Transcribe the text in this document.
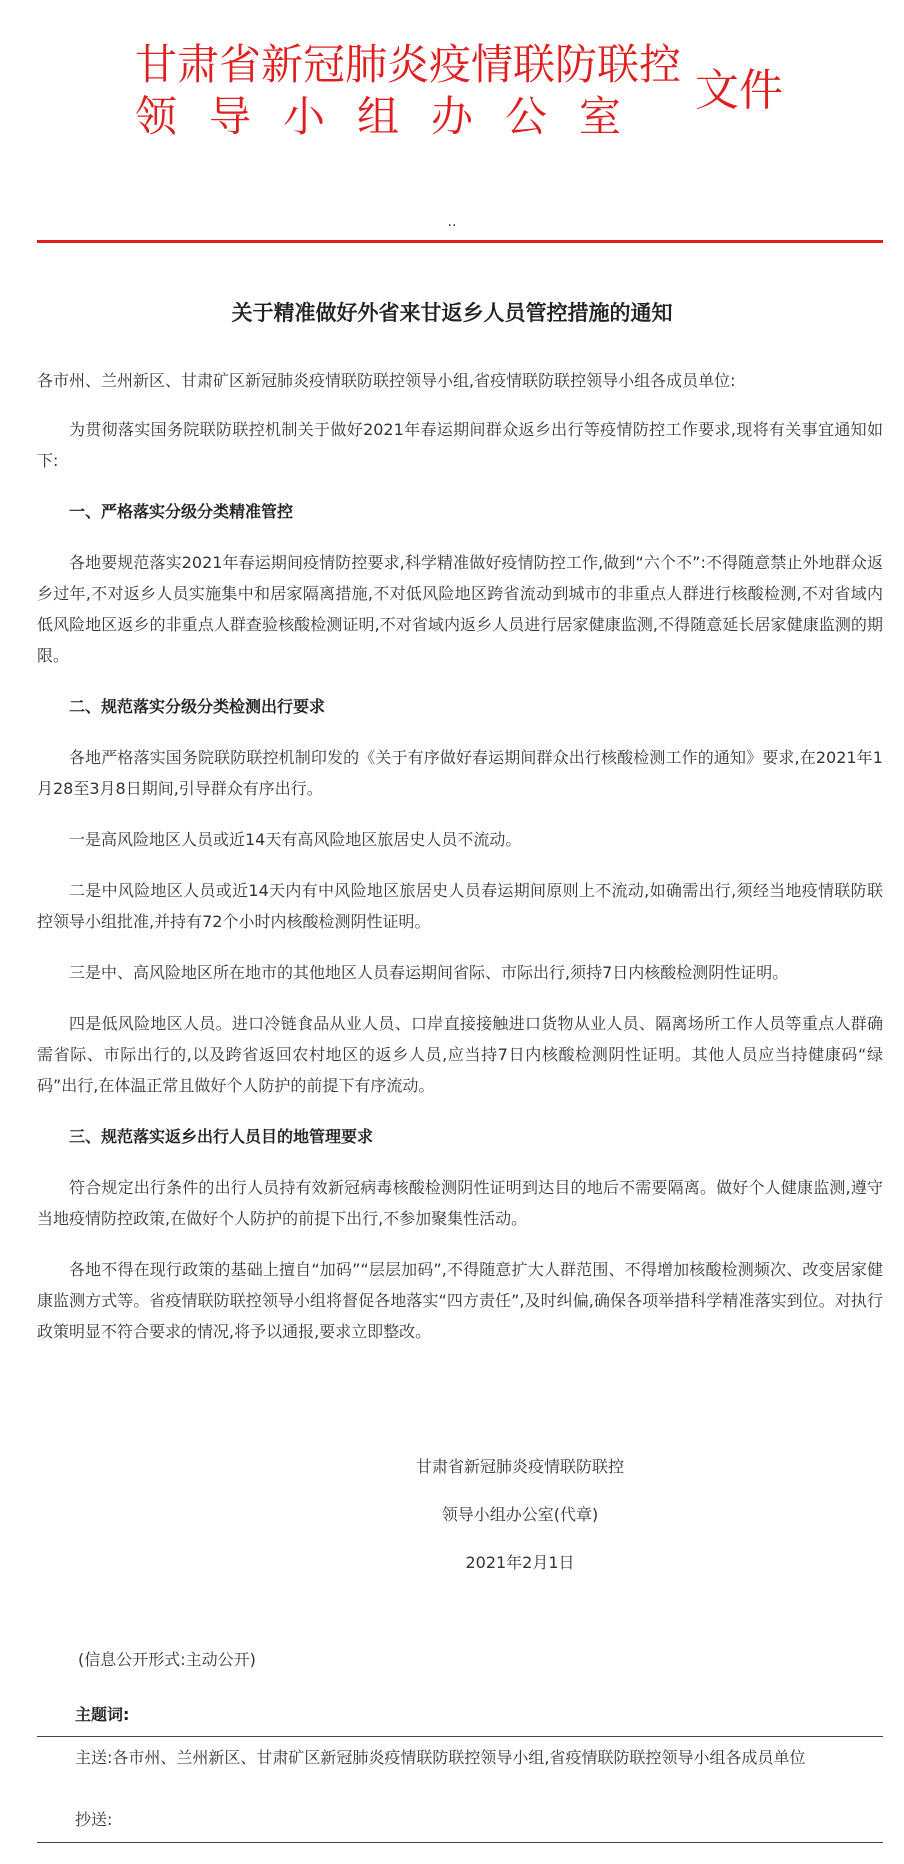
甘肃省新冠肺炎疫情联防联控

领导小组办公室

文件

..

关于精准做好外省来甘返乡人员管控措施的通知

各市州、兰州新区、甘肃矿区新冠肺炎疫情联防联控领导小组,省疫情联防联控领导小组各成员单位:

为贯彻落实国务院联防联控机制关于做好2021年春运期间群众返乡出行等疫情防控工作要求,现将有关事宜通知如下:

一、严格落实分级分类精准管控

各地要规范落实2021年春运期间疫情防控要求,科学精准做好疫情防控工作,做到“六个不”:不得随意禁止外地群众返乡过年,不对返乡人员实施集中和居家隔离措施,不对低风险地区跨省流动到城市的非重点人群进行核酸检测,不对省域内低风险地区返乡的非重点人群查验核酸检测证明,不对省域内返乡人员进行居家健康监测,不得随意延长居家健康监测的期限。

二、规范落实分级分类检测出行要求

各地严格落实国务院联防联控机制印发的《关于有序做好春运期间群众出行核酸检测工作的通知》要求,在2021年1月28至3月8日期间,引导群众有序出行。

一是高风险地区人员或近14天有高风险地区旅居史人员不流动。

二是中风险地区人员或近14天内有中风险地区旅居史人员春运期间原则上不流动,如确需出行,须经当地疫情联防联控领导小组批准,并持有72个小时内核酸检测阴性证明。

三是中、高风险地区所在地市的其他地区人员春运期间省际、市际出行,须持7日内核酸检测阴性证明。

四是低风险地区人员。进口冷链食品从业人员、口岸直接接触进口货物从业人员、隔离场所工作人员等重点人群确需省际、市际出行的,以及跨省返回农村地区的返乡人员,应当持7日内核酸检测阴性证明。其他人员应当持健康码“绿码”出行,在体温正常且做好个人防护的前提下有序流动。

三、规范落实返乡出行人员目的地管理要求

符合规定出行条件的出行人员持有效新冠病毒核酸检测阴性证明到达目的地后不需要隔离。做好个人健康监测,遵守当地疫情防控政策,在做好个人防护的前提下出行,不参加聚集性活动。

各地不得在现行政策的基础上擅自“加码”“层层加码”,不得随意扩大人群范围、不得增加核酸检测频次、改变居家健康监测方式等。省疫情联防联控领导小组将督促各地落实“四方责任”,及时纠偏,确保各项举措科学精准落实到位。对执行政策明显不符合要求的情况,将予以通报,要求立即整改。

甘肃省新冠肺炎疫情联防联控

领导小组办公室(代章)

2021年2月1日

(信息公开形式:主动公开)

主题词:

主送:各市州、兰州新区、甘肃矿区新冠肺炎疫情联防联控领导小组,省疫情联防联控领导小组各成员单位

抄送:
